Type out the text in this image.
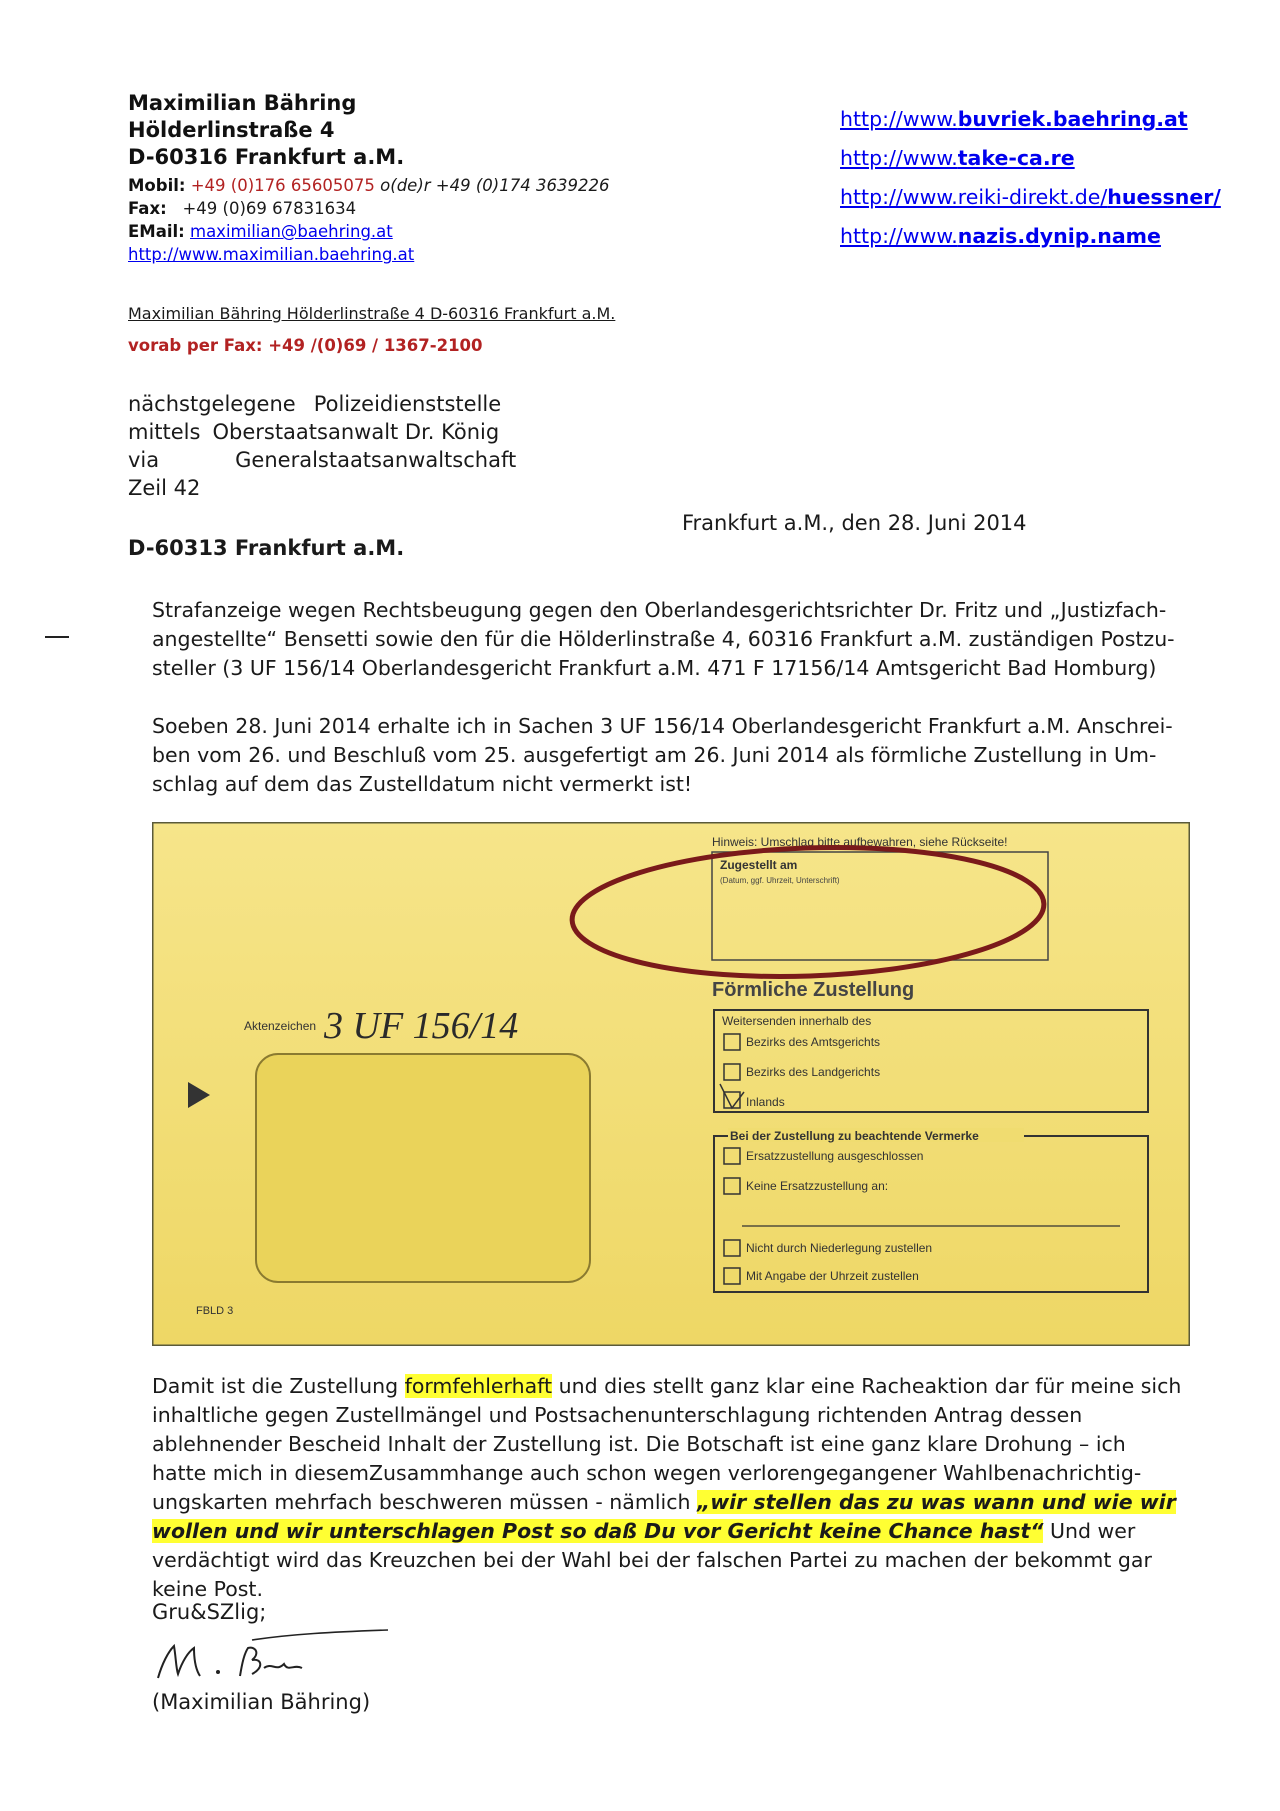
Maximilian Bähring
Hölderlinstraße 4
D-60316 Frankfurt a.M.
Mobil: +49 (0)176 65605075 o(de)r +49 (0)174 3639226
Fax: +49 (0)69 67831634
EMail: maximilian@baehring.at
http://www.maximilian.baehring.at
http://www.buvriek.baehring.at
http://www.take-ca.re
http://www.reiki-direkt.de/huessner/
http://www.nazis.dynip.name
Maximilian Bähring Hölderlinstraße 4 D-60316 Frankfurt a.M.
vorab per Fax: +49 /(0)69 / 1367-2100
nächstgelegene Polizeidienststelle
mittels Oberstaatsanwalt Dr. König
via	Generalstaatsanwaltschaft
Zeil 42
D-60313 Frankfurt a.M.
Frankfurt a.M., den 28. Juni 2014
Strafanzeige wegen Rechtsbeugung gegen den Oberlandesgerichtsrichter Dr. Fritz und „Justizfach-angestellte“ Bensetti sowie den für die Hölderlinstraße 4, 60316 Frankfurt a.M. zuständigen Postzu-steller (3 UF 156/14 Oberlandesgericht Frankfurt a.M. 471 F 17156/14 Amtsgericht Bad Homburg)
Soeben 28. Juni 2014 erhalte ich in Sachen 3 UF 156/14 Oberlandesgericht Frankfurt a.M. Anschrei-ben vom 26. und Beschluß vom 25. ausgefertigt am 26. Juni 2014 als förmliche Zustellung in Um-schlag auf dem das Zustelldatum nicht vermerkt ist!
Hinweis: Umschlag bitte aufbewahren, siehe Rückseite!
Zugestellt am
(Datum, ggf. Uhrzeit, Unterschrift)
Förmliche Zustellung
Aktenzeichen 3 UF 156/14	Weitersenden innerhalb des
Bezirks des Amtsgerichts
Bezirks des Landgerichts
Inlands
Bei der Zustellung zu beachtende Vermerke
Ersatzzustellung ausgeschlossen
Keine Ersatzzustellung an:
Nicht durch Niederlegung zustellen
Mit Angabe der Uhrzeit zustellen
FBLD 3
Damit ist die Zustellung formfehlerhaft und dies stellt ganz klar eine Racheaktion dar für meine sich inhaltliche gegen Zustellmängel und Postsachenunterschlagung richtenden Antrag dessen ablehnender Bescheid Inhalt der Zustellung ist. Die Botschaft ist eine ganz klare Drohung – ich hatte mich in diesemZusammhange auch schon wegen verlorengegangener Wahlbenachrichtig-ungskarten mehrfach beschweren müssen - nämlich „wir stellen das zu was wann und wie wir wollen und wir unterschlagen Post so daß Du vor Gericht keine Chance hast“ Und wer verdächtigt wird das Kreuzchen bei der Wahl bei der falschen Partei zu machen der bekommt gar keine Post.
Gru&SZlig;
(Maximilian Bähring)
